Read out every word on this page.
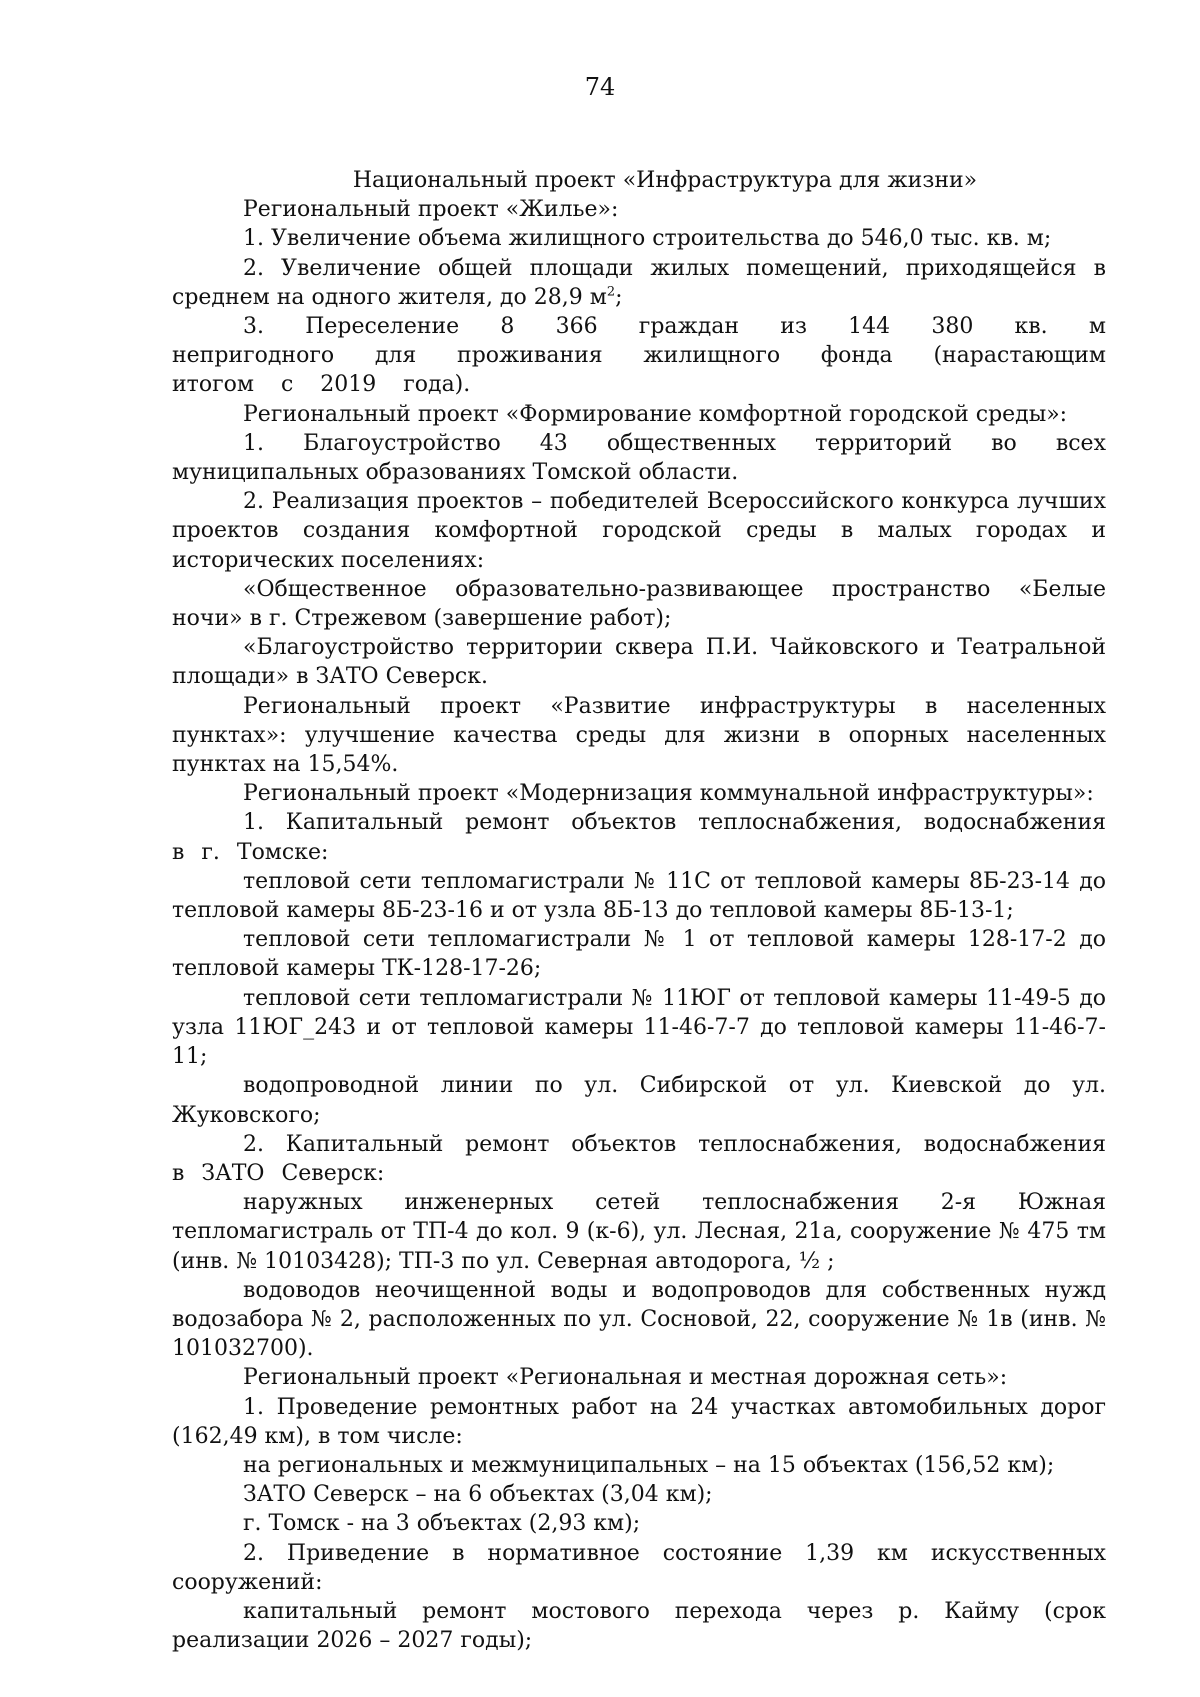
74

Национальный проект «Инфраструктура для жизни»

Региональный проект «Жилье»:

1. Увеличение объема жилищного строительства до 546,0 тыс. кв. м;

2. Увеличение общей площади жилых помещений, приходящейся в среднем на одного жителя, до 28,9 $м^2$;

3. Переселение 8 366 граждан из 144 380 кв. м непригодного для проживания жилищного фонда (нарастающим итогом с 2019 года).

Региональный проект «Формирование комфортной городской среды»:

1. Благоустройство 43 общественных территорий во всех муниципальных образованиях Томской области.

2. Реализация проектов – победителей Всероссийского конкурса лучших проектов создания комфортной городской среды в малых городах и исторических поселениях:

«Общественное образовательно-развивающее пространство «Белые ночи» в г. Стрежевом (завершение работ);

«Благоустройство территории сквера П.И. Чайковского и Театральной площади» в ЗАТО Северск.

Региональный проект «Развитие инфраструктуры в населенных пунктах»: улучшение качества среды для жизни в опорных населенных пунктах на 15,54%.

Региональный проект «Модернизация коммунальной инфраструктуры»:

1. Капитальный ремонт объектов теплоснабжения, водоснабжения в г. Томске:

тепловой сети тепломагистрали № 11С от тепловой камеры 8Б-23-14 до тепловой камеры 8Б-23-16 и от узла 8Б-13 до тепловой камеры 8Б-13-1;

тепловой сети тепломагистрали № 1 от тепловой камеры 128-17-2 до тепловой камеры ТК-128-17-26;

тепловой сети тепломагистрали № 11ЮГ от тепловой камеры 11-49-5 до узла 11ЮГ_243 и от тепловой камеры 11-46-7-7 до тепловой камеры 11-46-7-11;

водопроводной линии по ул. Сибирской от ул. Киевской до ул. Жуковского;

2. Капитальный ремонт объектов теплоснабжения, водоснабжения в ЗАТО Северск:

наружных инженерных сетей теплоснабжения 2-я Южная тепломагистраль от ТП-4 до кол. 9 (к-6), ул. Лесная, 21а, сооружение № 475 тм (инв. № 10103428); ТП-3 по ул. Северная автодорога, ½ ;

водоводов неочищенной воды и водопроводов для собственных нужд водозабора № 2, расположенных по ул. Сосновой, 22, сооружение № 1в (инв. № 101032700).

Региональный проект «Региональная и местная дорожная сеть»:

1. Проведение ремонтных работ на 24 участках автомобильных дорог (162,49 км), в том числе:

на региональных и межмуниципальных – на 15 объектах (156,52 км);

ЗАТО Северск – на 6 объектах (3,04 км);

г. Томск - на 3 объектах (2,93 км);

2. Приведение в нормативное состояние 1,39 км искусственных сооружений:

капитальный ремонт мостового перехода через р. Кайму (срок реализации 2026 – 2027 годы);
